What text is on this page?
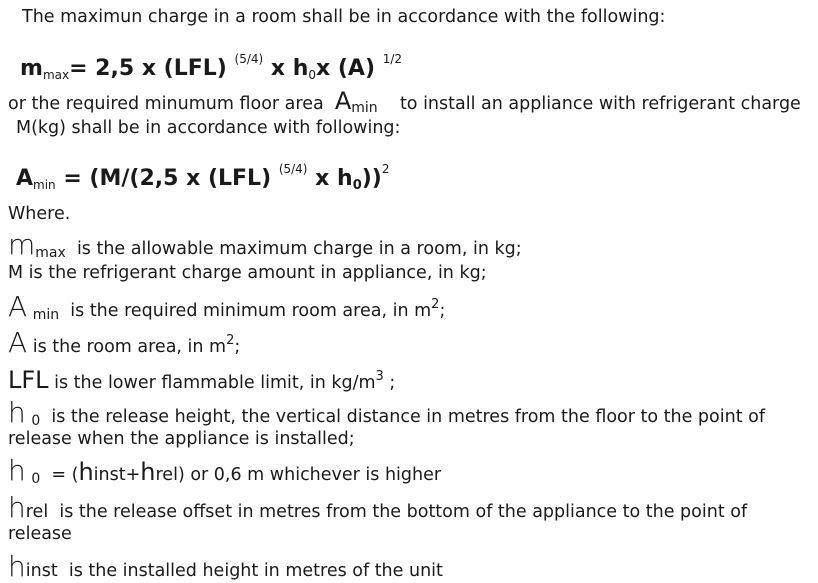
The maximun charge in a room shall be in accordance with the following:
$m_{max}= 2,5$ x (LFL) $^{(5/4)}$ x $h_0x$ (A) $^{1/2}$
or the required minumum floor area Amin to install an appliance with refrigerant charge
M(kg) shall be in accordance with following:
$A_{min} = (M/(2,5$ x (LFL) $^{(5/4)}$ x h0))$^2$
Where.
mmax is the allowable maximum charge in a room, in kg;
M is the refrigerant charge amount in appliance, in kg;
A min is the required minimum room area, in $m^2$;
A is the room area, in $m^2$;
LFL is the lower flammable limit, in $kg/m^3$ ;
h 0 is the release height, the vertical distance in metres from the floor to the point of
release when the appliance is installed;
h 0 = (hinst+hrel) or 0,6 m whichever is higher
hrel is the release offset in metres from the bottom of the appliance to the point of
release
hinst is the installed height in metres of the unit
